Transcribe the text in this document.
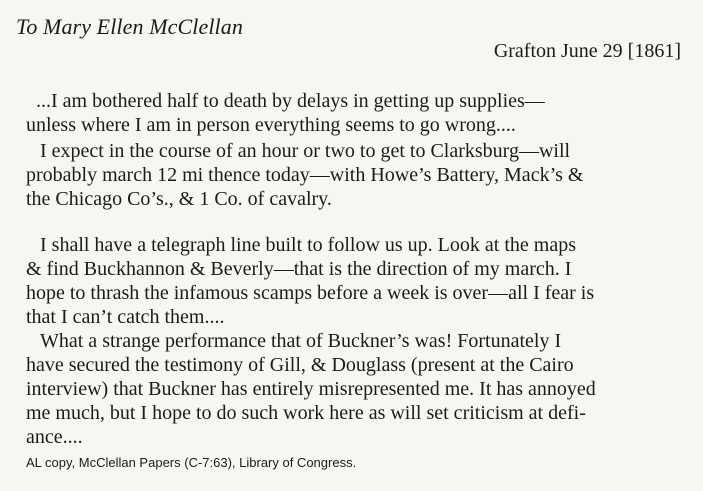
To Mary Ellen McClellan
Grafton June 29 [1861]
...I am bothered half to death by delays in getting up supplies—
unless where I am in person everything seems to go wrong....
I expect in the course of an hour or two to get to Clarksburg—will
probably march 12 mi thence today—with Howe’s Battery, Mack’s &
the Chicago Co’s., & 1 Co. of cavalry.
I shall have a telegraph line built to follow us up. Look at the maps
& find Buckhannon & Beverly—that is the direction of my march. I
hope to thrash the infamous scamps before a week is over—all I fear is
that I can’t catch them....
What a strange performance that of Buckner’s was! Fortunately I
have secured the testimony of Gill, & Douglass (present at the Cairo
interview) that Buckner has entirely misrepresented me. It has annoyed
me much, but I hope to do such work here as will set criticism at defi-
ance....
AL copy, McClellan Papers (C-7:63), Library of Congress.
